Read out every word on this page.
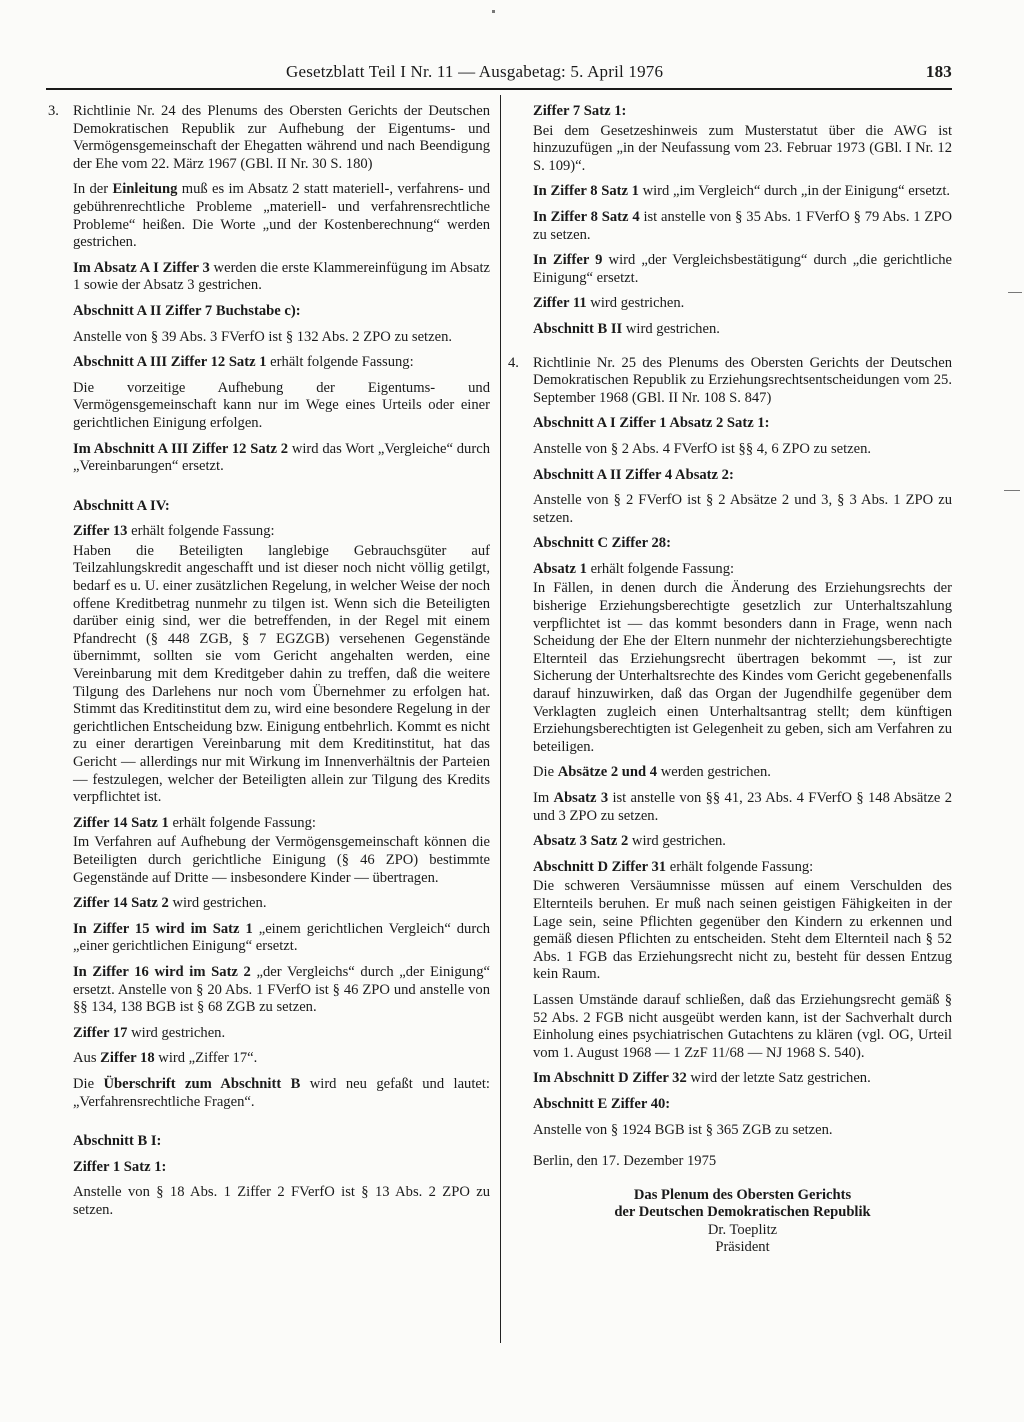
Gesetzblatt Teil I Nr. 11 — Ausgabetag: 5. April 1976	183
3. Richtlinie Nr. 24 des Plenums des Obersten Gerichts der Deutschen Demokratischen Republik zur Aufhebung der Eigentums- und Vermögensgemeinschaft der Ehegatten während und nach Beendigung der Ehe vom 22. März 1967 (GBl. II Nr. 30 S. 180)

In der Einleitung muß es im Absatz 2 statt materiell-, verfahrens- und gebührenrechtliche Probleme „materiell- und verfahrensrechtliche Probleme“ heißen. Die Worte „und der Kostenberechnung“ werden gestrichen.

Im Absatz A I Ziffer 3 werden die erste Klammereinfügung im Absatz 1 sowie der Absatz 3 gestrichen.

Abschnitt A II Ziffer 7 Buchstabe c):

Anstelle von § 39 Abs. 3 FVerfO ist § 132 Abs. 2 ZPO zu setzen.

Abschnitt A III Ziffer 12 Satz 1 erhält folgende Fassung:

Die vorzeitige Aufhebung der Eigentums- und Vermögensgemeinschaft kann nur im Wege eines Urteils oder einer gerichtlichen Einigung erfolgen.

Im Abschnitt A III Ziffer 12 Satz 2 wird das Wort „Vergleiche“ durch „Vereinbarungen“ ersetzt.

Abschnitt A IV:

Ziffer 13 erhält folgende Fassung:

Haben die Beteiligten langlebige Gebrauchsgüter auf Teilzahlungskredit angeschafft und ist dieser noch nicht völlig getilgt, bedarf es u. U. einer zusätzlichen Regelung, in welcher Weise der noch offene Kreditbetrag nunmehr zu tilgen ist. Wenn sich die Beteiligten darüber einig sind, wer die betreffenden, in der Regel mit einem Pfandrecht (§ 448 ZGB, § 7 EGZGB) versehenen Gegenstände übernimmt, sollten sie vom Gericht angehalten werden, eine Vereinbarung mit dem Kreditgeber dahin zu treffen, daß die weitere Tilgung des Darlehens nur noch vom Übernehmer zu erfolgen hat. Stimmt das Kreditinstitut dem zu, wird eine besondere Regelung in der gerichtlichen Entscheidung bzw. Einigung entbehrlich. Kommt es nicht zu einer derartigen Vereinbarung mit dem Kreditinstitut, hat das Gericht — allerdings nur mit Wirkung im Innenverhältnis der Parteien — festzulegen, welcher der Beteiligten allein zur Tilgung des Kredits verpflichtet ist.

Ziffer 14 Satz 1 erhält folgende Fassung:

Im Verfahren auf Aufhebung der Vermögensgemeinschaft können die Beteiligten durch gerichtliche Einigung (§ 46 ZPO) bestimmte Gegenstände auf Dritte — insbesondere Kinder — übertragen.

Ziffer 14 Satz 2 wird gestrichen.

In Ziffer 15 wird im Satz 1 „einem gerichtlichen Vergleich“ durch „einer gerichtlichen Einigung“ ersetzt.

In Ziffer 16 wird im Satz 2 „der Vergleichs“ durch „der Einigung“ ersetzt. Anstelle von § 20 Abs. 1 FVerfO ist § 46 ZPO und anstelle von §§ 134, 138 BGB ist § 68 ZGB zu setzen.

Ziffer 17 wird gestrichen.

Aus Ziffer 18 wird „Ziffer 17“.

Die Überschrift zum Abschnitt B wird neu gefaßt und lautet: „Verfahrensrechtliche Fragen“.

Abschnitt B I:

Ziffer 1 Satz 1:

Anstelle von § 18 Abs. 1 Ziffer 2 FVerfO ist § 13 Abs. 2 ZPO zu setzen.

Ziffer 7 Satz 1:

Bei dem Gesetzeshinweis zum Musterstatut über die AWG ist hinzuzufügen „in der Neufassung vom 23. Februar 1973 (GBl. I Nr. 12 S. 109)“.

In Ziffer 8 Satz 1 wird „im Vergleich“ durch „in der Einigung“ ersetzt.

In Ziffer 8 Satz 4 ist anstelle von § 35 Abs. 1 FVerfO § 79 Abs. 1 ZPO zu setzen.

In Ziffer 9 wird „der Vergleichsbestätigung“ durch „die gerichtliche Einigung“ ersetzt.

Ziffer 11 wird gestrichen.

Abschnitt B II wird gestrichen.

4. Richtlinie Nr. 25 des Plenums des Obersten Gerichts der Deutschen Demokratischen Republik zu Erziehungsrechtsentscheidungen vom 25. September 1968 (GBl. II Nr. 108 S. 847)

Abschnitt A I Ziffer 1 Absatz 2 Satz 1:

Anstelle von § 2 Abs. 4 FVerfO ist §§ 4, 6 ZPO zu setzen.

Abschnitt A II Ziffer 4 Absatz 2:

Anstelle von § 2 FVerfO ist § 2 Absätze 2 und 3, § 3 Abs. 1 ZPO zu setzen.

Abschnitt C Ziffer 28:

Absatz 1 erhält folgende Fassung:

In Fällen, in denen durch die Änderung des Erziehungsrechts der bisherige Erziehungsberechtigte gesetzlich zur Unterhaltszahlung verpflichtet ist — das kommt besonders dann in Frage, wenn nach Scheidung der Ehe der Eltern nunmehr der nichterziehungsberechtigte Elternteil das Erziehungsrecht übertragen bekommt —, ist zur Sicherung der Unterhaltsrechte des Kindes vom Gericht gegebenenfalls darauf hinzuwirken, daß das Organ der Jugendhilfe gegenüber dem Verklagten zugleich einen Unterhaltsantrag stellt; dem künftigen Erziehungsberechtigten ist Gelegenheit zu geben, sich am Verfahren zu beteiligen.

Die Absätze 2 und 4 werden gestrichen.

Im Absatz 3 ist anstelle von §§ 41, 23 Abs. 4 FVerfO § 148 Absätze 2 und 3 ZPO zu setzen.

Absatz 3 Satz 2 wird gestrichen.

Abschnitt D Ziffer 31 erhält folgende Fassung:

Die schweren Versäumnisse müssen auf einem Verschulden des Elternteils beruhen. Er muß nach seinen geistigen Fähigkeiten in der Lage sein, seine Pflichten gegenüber den Kindern zu erkennen und gemäß diesen Pflichten zu entscheiden. Steht dem Elternteil nach § 52 Abs. 1 FGB das Erziehungsrecht nicht zu, besteht für dessen Entzug kein Raum.

Lassen Umstände darauf schließen, daß das Erziehungsrecht gemäß § 52 Abs. 2 FGB nicht ausgeübt werden kann, ist der Sachverhalt durch Einholung eines psychiatrischen Gutachtens zu klären (vgl. OG, Urteil vom 1. August 1968 — 1 ZzF 11/68 — NJ 1968 S. 540).

Im Abschnitt D Ziffer 32 wird der letzte Satz gestrichen.

Abschnitt E Ziffer 40:

Anstelle von § 1924 BGB ist § 365 ZGB zu setzen.

Berlin, den 17. Dezember 1975

Das Plenum des Obersten Gerichts
der Deutschen Demokratischen Republik
Dr. Toeplitz
Präsident
